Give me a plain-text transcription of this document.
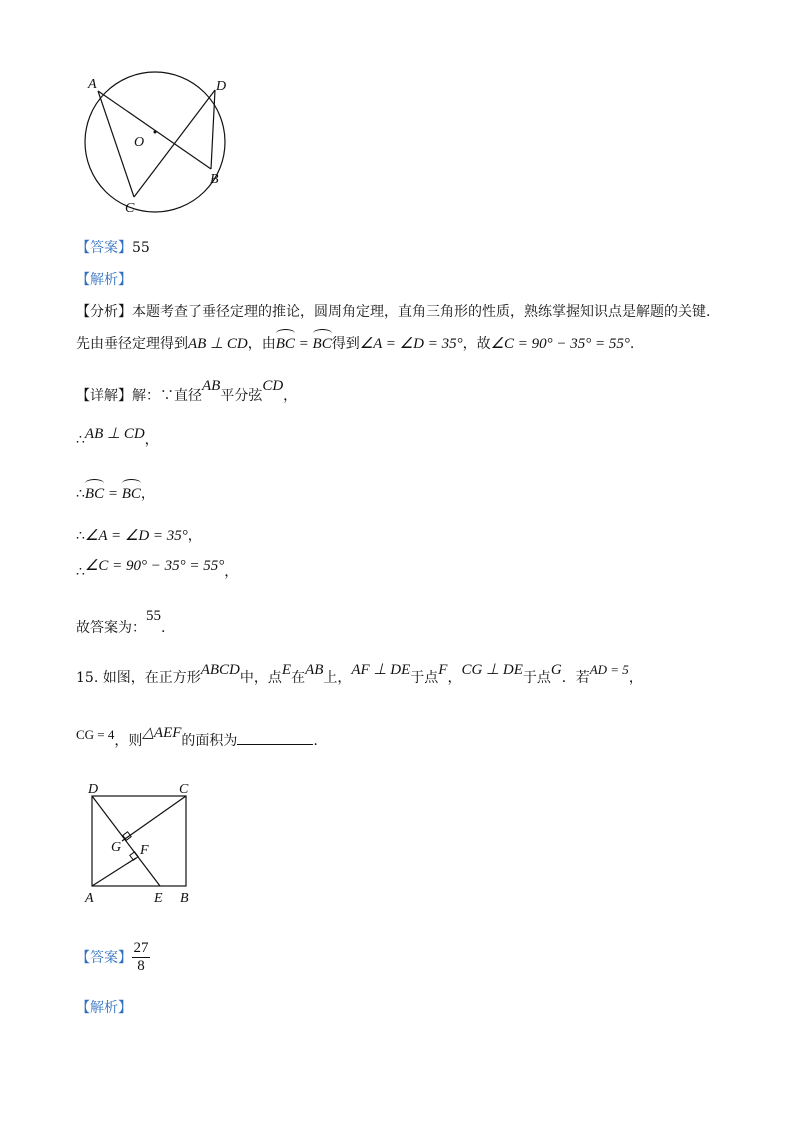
A	D
O
B
C
【答案】55
【解析】
【分析】本题考查了垂径定理的推论，圆周角定理，直角三角形的性质，熟练掌握知识点是解题的关键.
先由垂径定理得到AB ⊥ CD，由BC = BC得到∠A = ∠D = 35°，故∠C = 90° − 35° = 55°.
【详解】解：∵直径AB平分弦CD，
∴AB ⊥ CD，
∴BC = BC，
∴∠A = ∠D = 35°，
∴∠C = 90° − 35° = 55°，
故答案为：55.
15. 如图，在正方形ABCD中，点E在AB上，AF ⊥ DE于点F，CG ⊥ DE于点G．若AD = 5，
CG = 4，则△AEF的面积为	.
D	C
G F
A	E B
【答案】 $\frac{27}{8}$
【解析】
